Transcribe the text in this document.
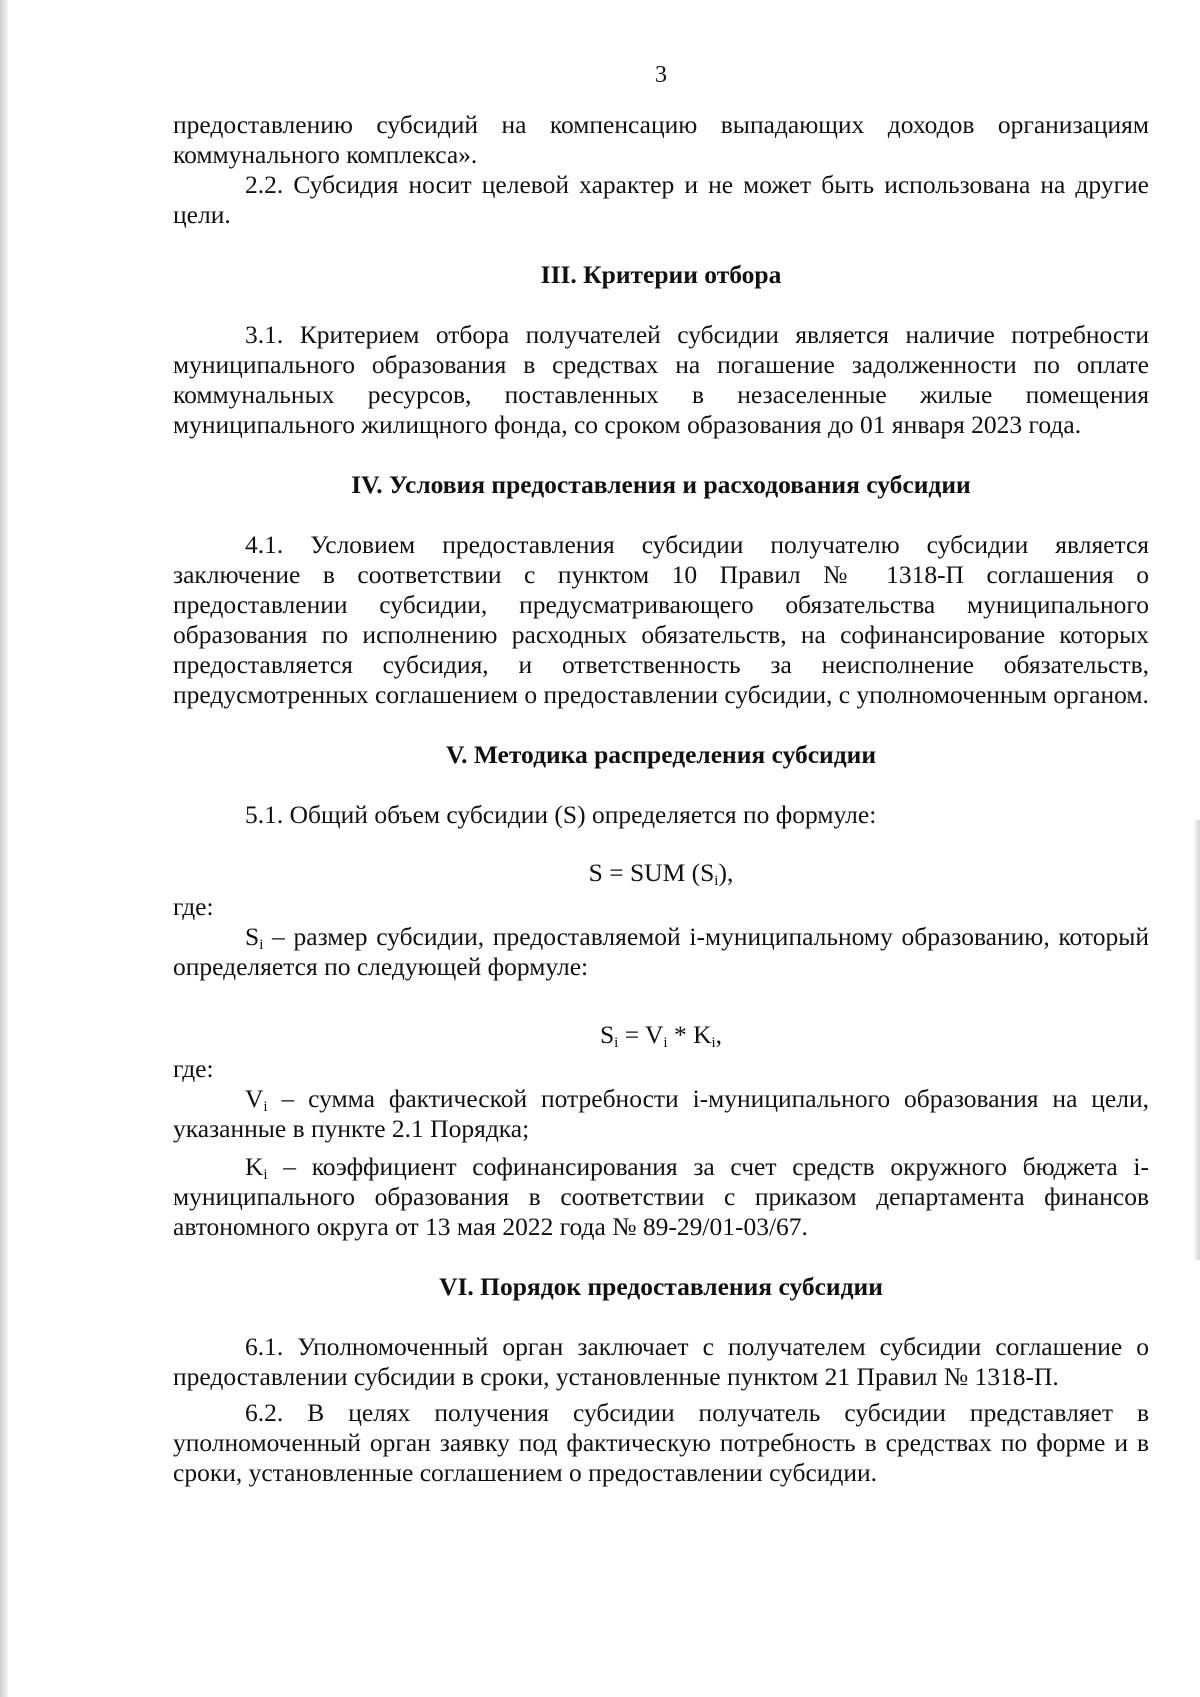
3

предоставлению субсидий на компенсацию выпадающих доходов организациям коммунального комплекса».

2.2. Субсидия носит целевой характер и не может быть использована на другие цели.

III. Критерии отбора

3.1. Критерием отбора получателей субсидии является наличие потребности муниципального образования в средствах на погашение задолженности по оплате коммунальных ресурсов, поставленных в незаселенные жилые помещения муниципального жилищного фонда, со сроком образования до 01 января 2023 года.

IV. Условия предоставления и расходования субсидии

4.1. Условием предоставления субсидии получателю субсидии является заключение в соответствии с пунктом 10 Правил № 1318-П соглашения о предоставлении субсидии, предусматривающего обязательства муниципального образования по исполнению расходных обязательств, на софинансирование которых предоставляется субсидия, и ответственность за неисполнение обязательств, предусмотренных соглашением о предоставлении субсидии, с уполномоченным органом.

V. Методика распределения субсидии

5.1. Общий объем субсидии (S) определяется по формуле:

S = SUM $(S_i)$,

где:

$S_i$ – размер субсидии, предоставляемой i-муниципальному образованию, который определяется по следующей формуле:

$S_i = V_i * K_i$,

где:

$V_i$ – сумма фактической потребности i-муниципального образования на цели, указанные в пункте 2.1 Порядка;

$K_i$ – коэффициент софинансирования за счет средств окружного бюджета i-муниципального образования в соответствии с приказом департамента финансов автономного округа от 13 мая 2022 года № 89-29/01-03/67.

VI. Порядок предоставления субсидии

6.1. Уполномоченный орган заключает с получателем субсидии соглашение о предоставлении субсидии в сроки, установленные пунктом 21 Правил № 1318-П.

6.2. В целях получения субсидии получатель субсидии представляет в уполномоченный орган заявку под фактическую потребность в средствах по форме и в сроки, установленные соглашением о предоставлении субсидии.
